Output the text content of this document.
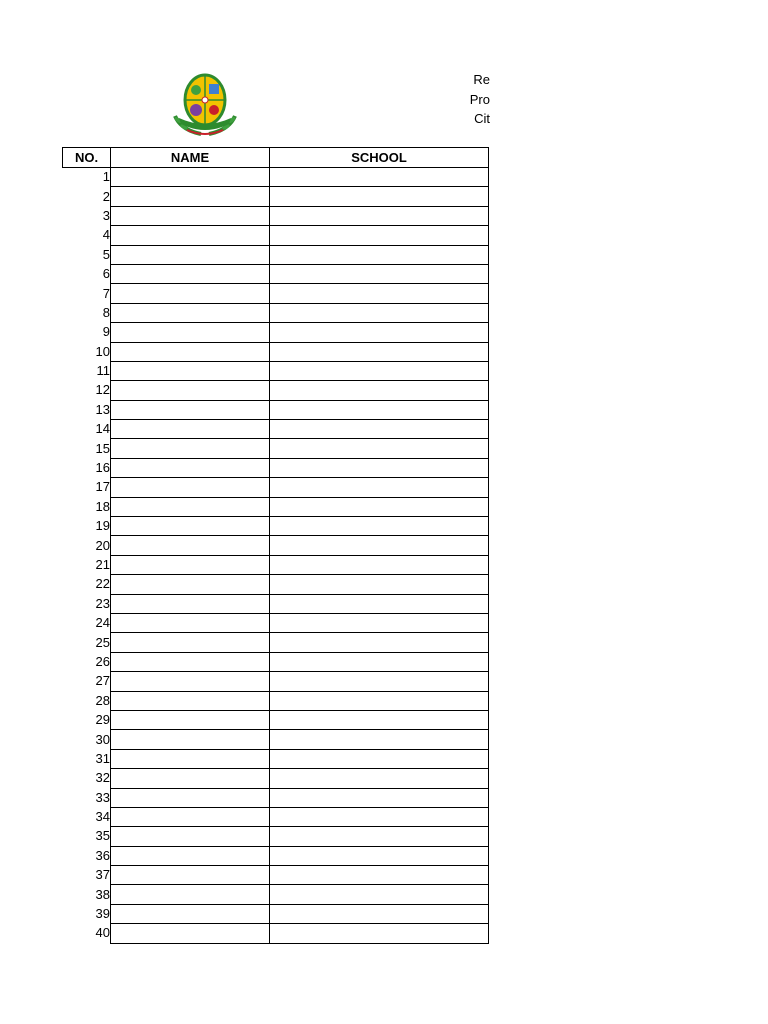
Re
Pro
Cit
NO.	NAME	SCHOOL
1		
2		
3		
4		
5		
6		
7		
8		
9		
10		
11		
12		
13		
14		
15		
16		
17		
18		
19		
20		
21		
22		
23		
24		
25		
26		
27		
28		
29		
30		
31		
32		
33		
34		
35		
36		
37		
38		
39		
40		
